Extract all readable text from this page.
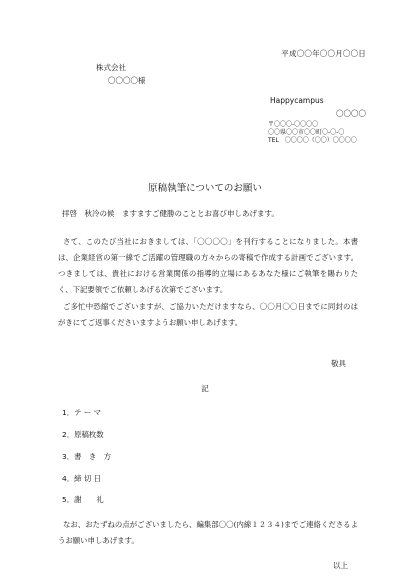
平成〇〇年〇〇月〇〇日
株式会社
〇〇〇〇様
Happycampus
〇〇〇〇
〒〇〇〇-〇〇〇〇
〇〇県〇〇市〇〇町〇-〇-〇
TEL　〇〇〇〇（〇〇）〇〇〇〇
原稿執筆についてのお願い
拝啓　秋冷の候　ますますご健勝のこととお喜び申しあげます。
さて、このたび当社におきましては、「〇〇〇〇」を刊行することになりました。本書は、企業経営の第一線でご活躍の管理職の方々からの寄稿で作成する計画でございます。つきましては、貴社における営業関係の指導的立場にあるあなた様にご執筆を賜わりたく、下記要領でご依頼しあげる次第でございます。
ご多忙中恐縮でございますが、ご協力いただけますなら、〇〇月〇〇日までに同封のはがきにてご返事くださいますようお願い申しあげます。
敬具
記
1．テ ー マ
2．原稿枚数
3．書　き　方
4．締 切 日
5．謝　　礼
なお、おたずねの点がございましたら、編集部〇〇(内線１２３４)までご連絡くださるようお願い申しあげます。
以上
